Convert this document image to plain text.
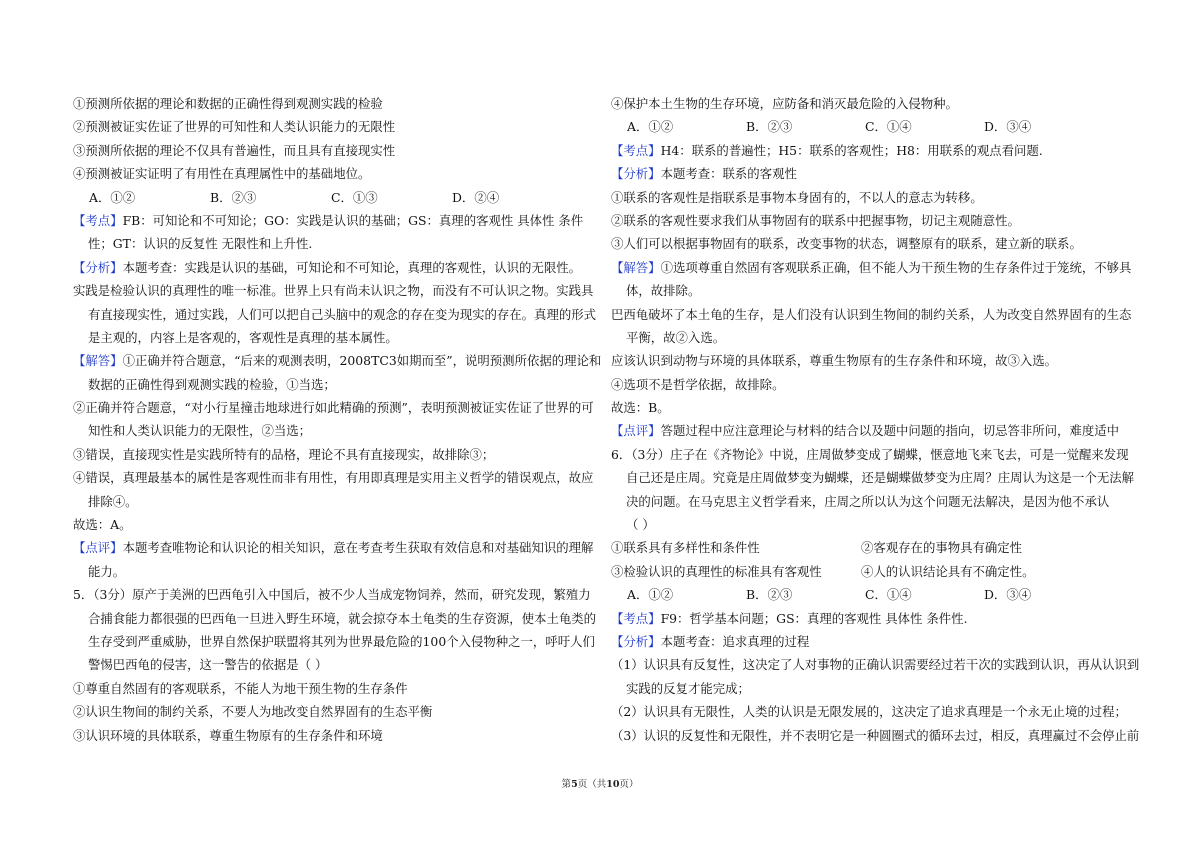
①预测所依据的理论和数据的正确性得到观测实践的检验
②预测被证实佐证了世界的可知性和人类认识能力的无限性
③预测所依据的理论不仅具有普遍性，而且具有直接现实性
④预测被证实证明了有用性在真理属性中的基础地位。
A．①②	B．②③	C．①③	D．②④
【考点】FB：可知论和不可知论；GO：实践是认识的基础；GS：真理的客观性 具体性 条件
性；GT：认识的反复性 无限性和上升性.
【分析】本题考查：实践是认识的基础，可知论和不可知论，真理的客观性，认识的无限性。
实践是检验认识的真理性的唯一标准。世界上只有尚未认识之物，而没有不可认识之物。实践具
有直接现实性，通过实践，人们可以把自己头脑中的观念的存在变为现实的存在。真理的形式
是主观的，内容上是客观的，客观性是真理的基本属性。
【解答】①正确并符合题意，“后来的观测表明，2008TC3如期而至”，说明预测所依据的理论和
数据的正确性得到观测实践的检验，①当选；
②正确并符合题意，“对小行星撞击地球进行如此精确的预测”，表明预测被证实佐证了世界的可
知性和人类认识能力的无限性，②当选；
③错误，直接现实性是实践所特有的品格，理论不具有直接现实，故排除③；
④错误，真理最基本的属性是客观性而非有用性，有用即真理是实用主义哲学的错误观点，故应
排除④。
故选：A。
【点评】本题考查唯物论和认识论的相关知识，意在考查考生获取有效信息和对基础知识的理解
能力。
5．（3分）原产于美洲的巴西龟引入中国后，被不少人当成宠物饲养，然而，研究发现，繁殖力
合捕食能力都很强的巴西龟一旦进入野生环境，就会掠夺本土龟类的生存资源，使本土龟类的
生存受到严重威胁，世界自然保护联盟将其列为世界最危险的100个入侵物种之一，呼吁人们
警惕巴西龟的侵害，这一警告的依据是（ ）
①尊重自然固有的客观联系，不能人为地干预生物的生存条件
②认识生物间的制约关系，不要人为地改变自然界固有的生态平衡
③认识环境的具体联系，尊重生物原有的生存条件和环境
④保护本土生物的生存环境，应防备和消灭最危险的入侵物种。
A．①②	B．②③	C．①④	D．③④
【考点】H4：联系的普遍性；H5：联系的客观性；H8：用联系的观点看问题.
【分析】本题考查：联系的客观性
①联系的客观性是指联系是事物本身固有的，不以人的意志为转移。
②联系的客观性要求我们从事物固有的联系中把握事物，切记主观随意性。
③人们可以根据事物固有的联系，改变事物的状态，调整原有的联系，建立新的联系。
【解答】①选项尊重自然固有客观联系正确，但不能人为干预生物的生存条件过于笼统，不够具
体，故排除。
巴西龟破坏了本土龟的生存，是人们没有认识到生物间的制约关系，人为改变自然界固有的生态
平衡，故②入选。
应该认识到动物与环境的具体联系，尊重生物原有的生存条件和环境，故③入选。
④选项不是哲学依据，故排除。
故选：B。
【点评】答题过程中应注意理论与材料的结合以及题中问题的指向，切忌答非所问，难度适中
6．（3分）庄子在《齐物论》中说，庄周做梦变成了蝴蝶，惬意地飞来飞去，可是一觉醒来发现
自己还是庄周。究竟是庄周做梦变为蝴蝶，还是蝴蝶做梦变为庄周？庄周认为这是一个无法解
决的问题。在马克思主义哲学看来，庄周之所以认为这个问题无法解决，是因为他不承认
（ ）
①联系具有多样性和条件性	②客观存在的事物具有确定性
③检验认识的真理性的标准具有客观性	④人的认识结论具有不确定性。
A．①②	B．②③	C．①④	D．③④
【考点】F9：哲学基本问题；GS：真理的客观性 具体性 条件性.
【分析】本题考查：追求真理的过程
（1）认识具有反复性，这决定了人对事物的正确认识需要经过若干次的实践到认识，再从认识到
实践的反复才能完成；
（2）认识具有无限性，人类的认识是无限发展的，这决定了追求真理是一个永无止境的过程；
（3）认识的反复性和无限性，并不表明它是一种圆圈式的循环去过，相反，真理赢过不会停止前
第5页（共10页）
